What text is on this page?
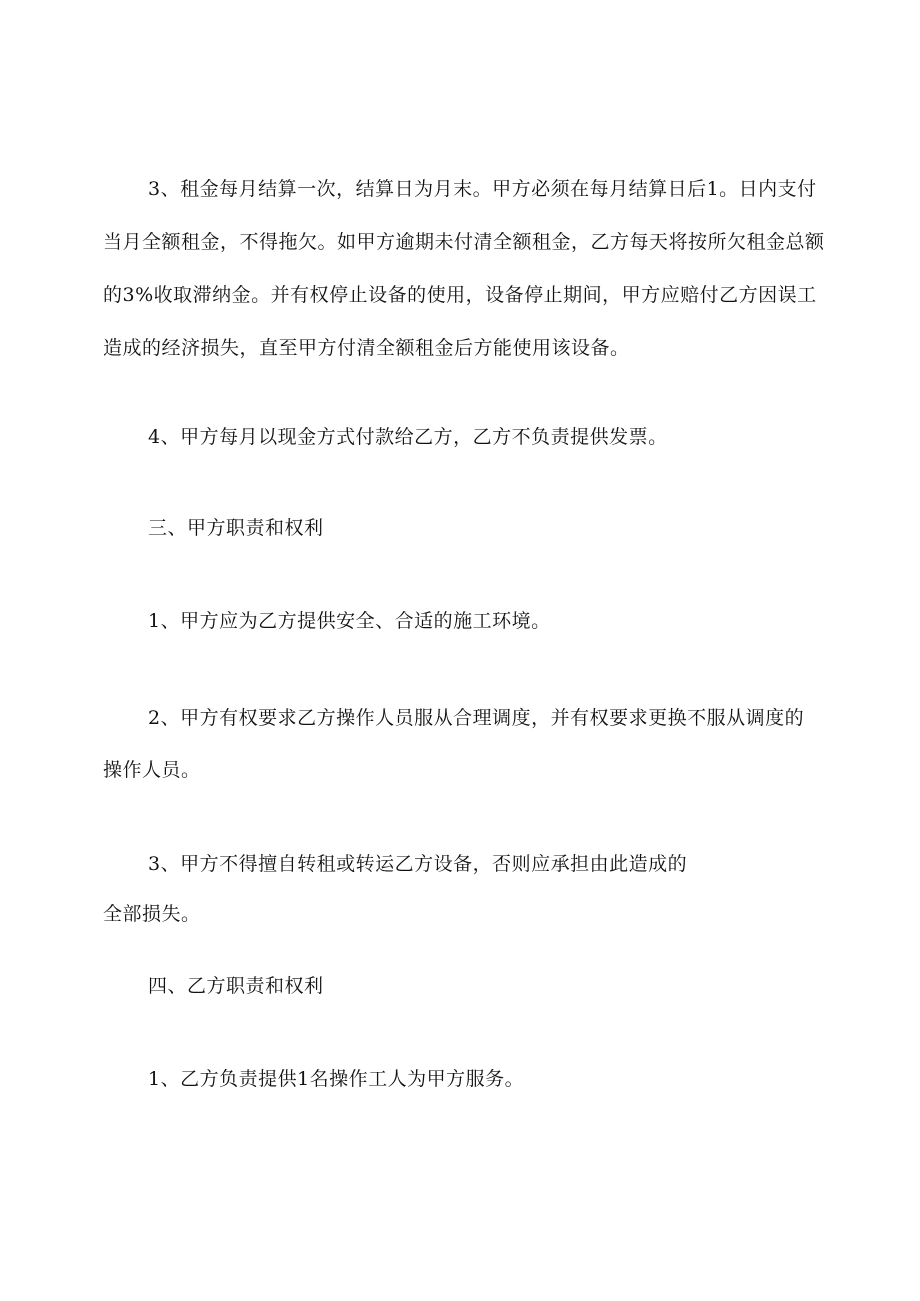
3、租金每月结算一次，结算日为月末。甲方必须在每月结算日后1。日内支付

当月全额租金，不得拖欠。如甲方逾期未付清全额租金，乙方每天将按所欠租金总额

的3%收取滞纳金。并有权停止设备的使用，设备停止期间，甲方应赔付乙方因误工

造成的经济损失，直至甲方付清全额租金后方能使用该设备。

4、甲方每月以现金方式付款给乙方，乙方不负责提供发票。

三、甲方职责和权利

1、甲方应为乙方提供安全、合适的施工环境。

2、甲方有权要求乙方操作人员服从合理调度，并有权要求更换不服从调度的

操作人员。

3、甲方不得擅自转租或转运乙方设备，否则应承担由此造成的

全部损失。

四、乙方职责和权利

1、乙方负责提供1名操作工人为甲方服务。
